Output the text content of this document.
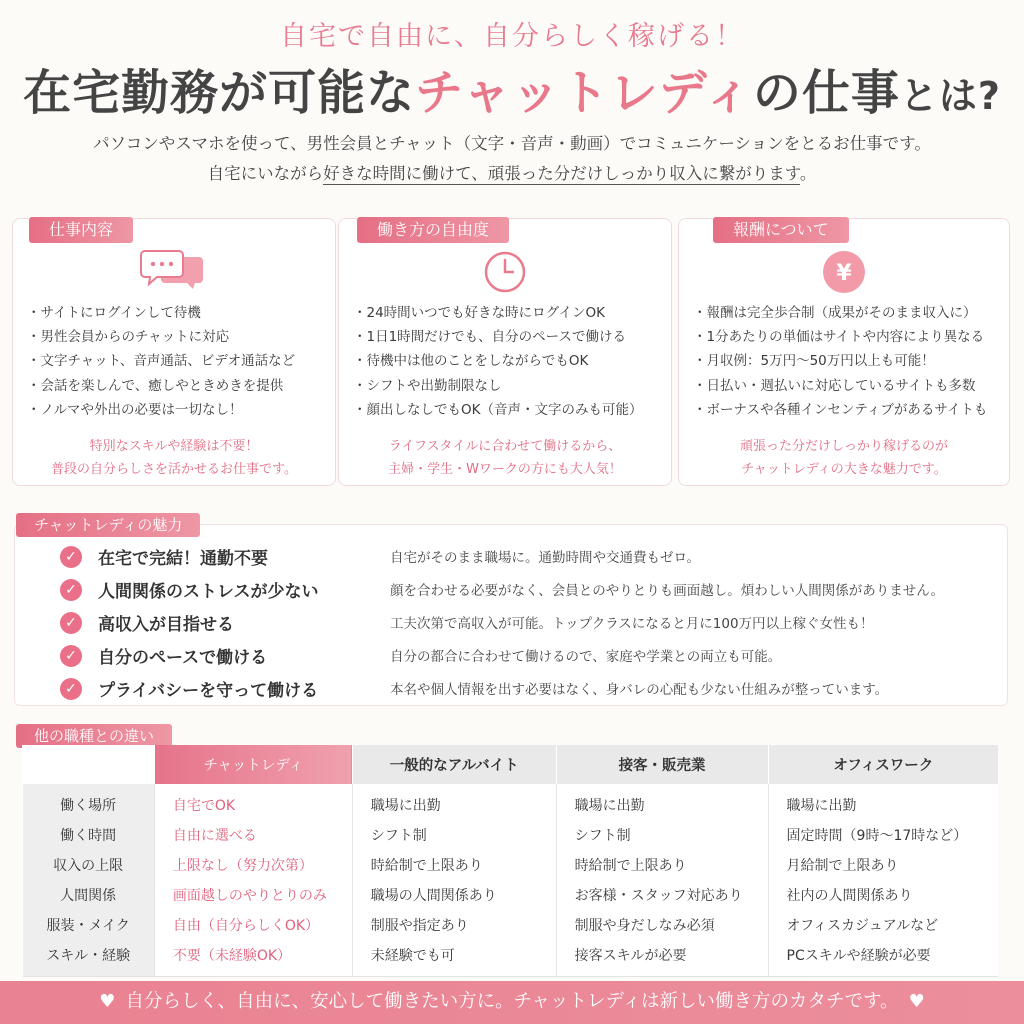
自宅で自由に、自分らしく稼げる！
在宅勤務が可能なチャットレディの仕事とは?
パソコンやスマホを使って、男性会員とチャット（文字・音声・動画）でコミュニケーションをとるお仕事です。
自宅にいながら好きな時間に働けて、頑張った分だけしっかり収入に繋がります。
仕事内容
・ サイトにログインして待機
・ 男性会員からのチャットに対応
・ 文字チャット、音声通話、ビデオ通話など
・ 会話を楽しんで、癒しやときめきを提供
・ ノルマや外出の必要は一切なし！
特別なスキルや経験は不要！
普段の自分らしさを活かせるお仕事です。
働き方の自由度
・ 24時間いつでも好きな時にログインOK
・ 1日1時間だけでも、自分のペースで働ける
・ 待機中は他のことをしながらでもOK
・ シフトや出勤制限なし
・ 顔出しなしでもOK（音声・文字のみも可能）
ライフスタイルに合わせて働けるから、
主婦・学生・Wワークの方にも大人気！
報酬について
¥
・ 報酬は完全歩合制（成果がそのまま収入に）
・ 1分あたりの単価はサイトや内容により異なる
・ 月収例：5万円〜50万円以上も可能！
・ 日払い・週払いに対応しているサイトも多数
・ ボーナスや各種インセンティブがあるサイトも
頑張った分だけしっかり稼げるのが
チャットレディの大きな魅力です。
チャットレディの魅力
✓	在宅で完結！通勤不要	自宅がそのまま職場に。通勤時間や交通費もゼロ。
✓	人間関係のストレスが少ない	顔を合わせる必要がなく、会員とのやりとりも画面越し。煩わしい人間関係がありません。
✓	高収入が目指せる	工夫次第で高収入が可能。トップクラスになると月に100万円以上稼ぐ女性も！
✓	自分のペースで働ける	自分の都合に合わせて働けるので、家庭や学業との両立も可能。
✓	プライバシーを守って働ける	本名や個人情報を出す必要はなく、身バレの心配も少ない仕組みが整っています。
他の職種との違い
	チャットレディ	一般的なアルバイト	接客・販売業	オフィスワーク
働く場所	自宅でOK	職場に出勤	職場に出勤	職場に出勤
働く時間	自由に選べる	シフト制	シフト制	固定時間（9時〜17時など）
収入の上限	上限なし（努力次第）	時給制で上限あり	時給制で上限あり	月給制で上限あり
人間関係	画面越しのやりとりのみ	職場の人間関係あり	お客様・スタッフ対応あり	社内の人間関係あり
服装・メイク	自由（自分らしくOK）	制服や指定あり	制服や身だしなみ必須	オフィスカジュアルなど
スキル・経験	不要（未経験OK）	未経験でも可	接客スキルが必要	PCスキルや経験が必要
♥ 自分らしく、自由に、安心して働きたい方に。チャットレディは新しい働き方のカタチです。 ♥
